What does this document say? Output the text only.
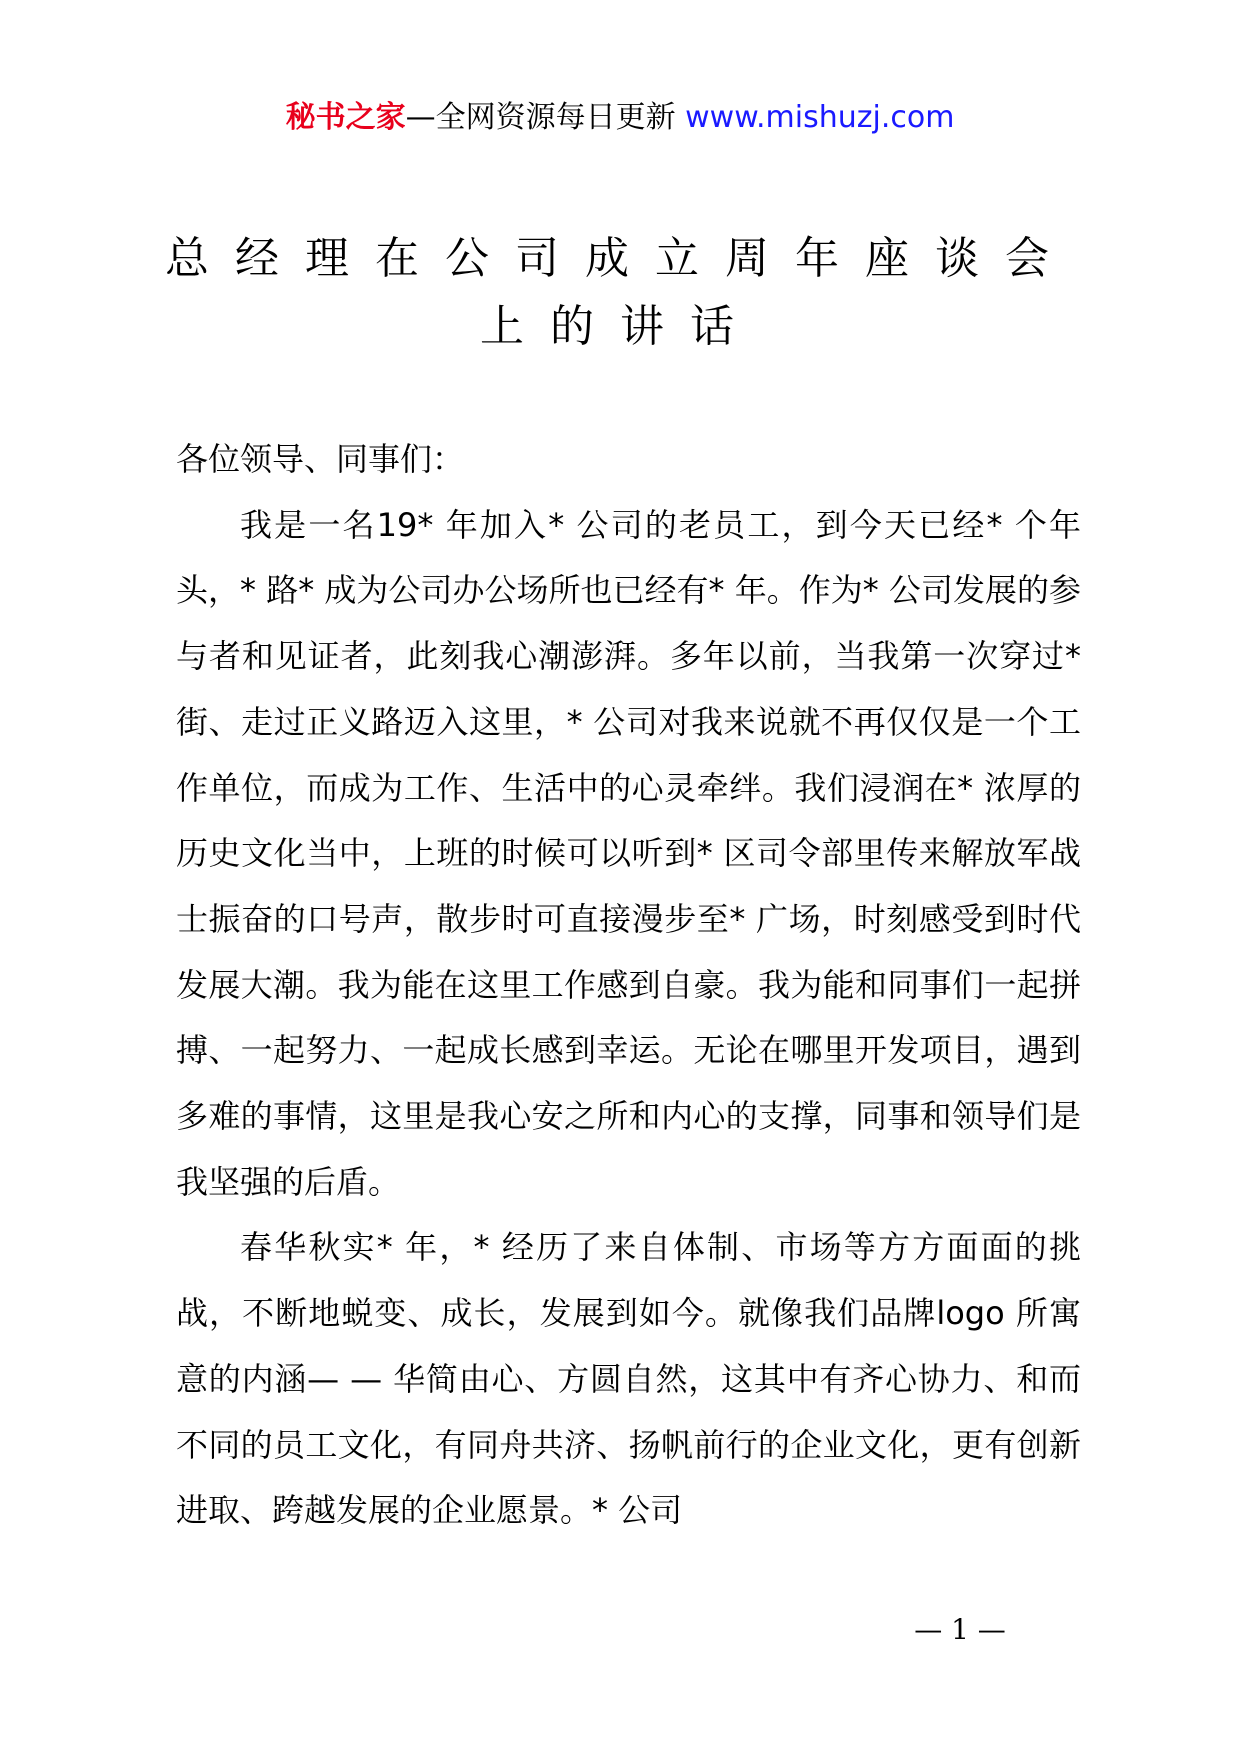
秘书之家—全网资源每日更新 www.mishuzj.com
总经理在公司成立周年座谈会
上的讲话

各位领导、同事们：

我是一名19* 年加入* 公司的老员工，到今天已经* 个年头，* 路* 成为公司办公场所也已经有* 年。作为* 公司发展的参与者和见证者，此刻我心潮澎湃。多年以前，当我第一次穿过* 街、走过正义路迈入这里，* 公司对我来说就不再仅仅是一个工作单位，而成为工作、生活中的心灵牵绊。我们浸润在* 浓厚的历史文化当中，上班的时候可以听到* 区司令部里传来解放军战士振奋的口号声，散步时可直接漫步至* 广场，时刻感受到时代发展大潮。我为能在这里工作感到自豪。我为能和同事们一起拼搏、一起努力、一起成长感到幸运。无论在哪里开发项目，遇到多难的事情，这里是我心安之所和内心的支撑，同事和领导们是我坚强的后盾。

春华秋实* 年，* 经历了来自体制、市场等方方面面的挑战，不断地蜕变、成长，发展到如今。就像我们品牌logo 所寓意的内涵— — 华简由心、方圆自然，这其中有齐心协力、和而不同的员工文化，有同舟共济、扬帆前行的企业文化，更有创新进取、跨越发展的企业愿景。* 公司

— 1 —
